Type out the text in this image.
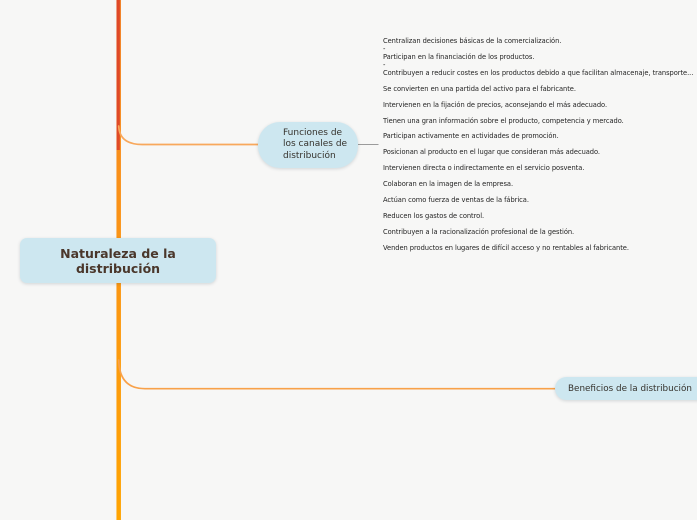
Naturaleza de la distribución
Funciones de los canales de distribución
Beneficios de la distribución
Centralizan decisiones básicas de la comercialización.
-
Participan en la financiación de los productos.
-
Contribuyen a reducir costes en los productos debido a que facilitan almacenaje, transporte...
Se convierten en una partida del activo para el fabricante.
Intervienen en la fijación de precios, aconsejando el más adecuado.
Tienen una gran información sobre el producto, competencia y mercado.
Participan activamente en actividades de promoción.
Posicionan al producto en el lugar que consideran más adecuado.
Intervienen directa o indirectamente en el servicio posventa.
Colaboran en la imagen de la empresa.
Actúan como fuerza de ventas de la fábrica.
Reducen los gastos de control.
Contribuyen a la racionalización profesional de la gestión.
Venden productos en lugares de difícil acceso y no rentables al fabricante.
